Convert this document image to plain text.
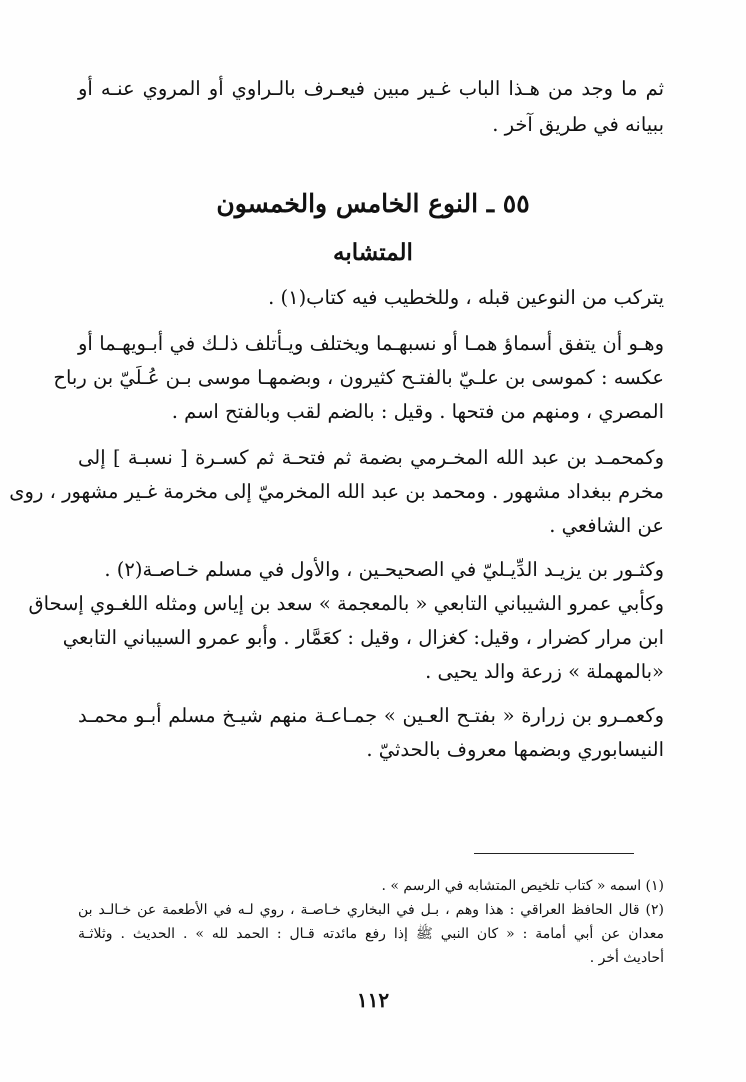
ثم ما وجد من هـذا الباب غـير مبين فيعـرف بالـراوي أو المروي عنـه أو
ببيانه في طريق آخر .
٥٥ ـ النوع الخامس والخمسون
المتشابه
يتركب من النوعين قبله ، وللخطيب فيه كتاب(١) .
وهـو أن يتفق أسماؤ همـا أو نسبهـما ويختلف ويـأتلف ذلـك في أبـويهـما أو
عكسه : كموسى بن علـيّ بالفتـح كثيرون ، وبضمهـا موسى بـن عُـلَيّ بن رباح
المصري ، ومنهم من فتحها . وقيل : بالضم لقب وبالفتح اسم .
وكمحمـد بن عبد الله المخـرمي بضمة ثم فتحـة ثم كسـرة [ نسبـة ] إلى
مخرم ببغداد مشهور . ومحمد بن عبد الله المخرميّ إلى مخرمة غـير مشهور ، روى
عن الشافعي .
وكثـور بن يزيـد الدِّيـليّ في الصحيحـين ، والأول في مسلم خـاصـة(٢) .
وكأبي عمرو الشيباني التابعي « بالمعجمة » سعد بن إياس ومثله اللغـوي إسحاق
ابن مرار كضرار ، وقيل: كغزال ، وقيل : كعَمَّار . وأبو عمرو السيباني التابعي
«بالمهملة » زرعة والد يحيى .
وكعمـرو بن زرارة « بفتـح العـين » جمـاعـة منهم شيـخ مسلم أبـو محمـد
النيسابوري وبضمها معروف بالحدثيّ .
(١) اسمه « كتاب تلخيص المتشابه في الرسم » .
(٢) قال الحافظ العراقي : هذا وهم ، بـل في البخاري خـاصـة ، روي لـه في الأطعمة عن خـالـد بن
معدان عن أبي أمامة : « كان النبي ﷺ إذا رفع مائدته قـال : الحمد لله » . الحديث . وثلاثـة
أحاديث أخر .
١١٢
